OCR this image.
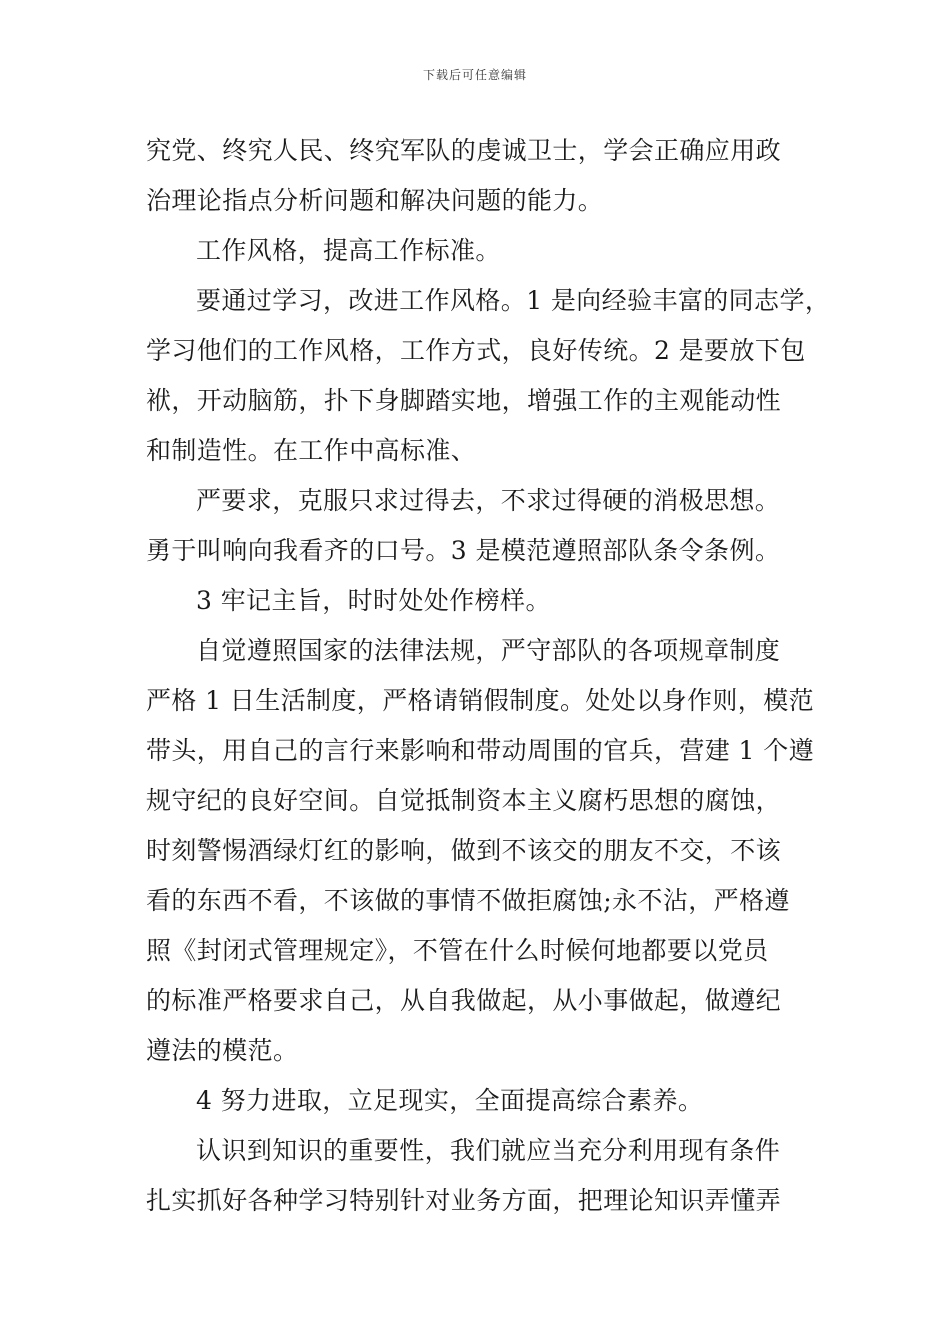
下载后可任意编辑
究党、终究人民、终究军队的虔诚卫士，学会正确应用政
治理论指点分析问题和解决问题的能力。
工作风格，提高工作标准。
要通过学习，改进工作风格。1 是向经验丰富的同志学，
学习他们的工作风格，工作方式，良好传统。2 是要放下包
袱，开动脑筋，扑下身脚踏实地，增强工作的主观能动性
和制造性。在工作中高标准、
严要求，克服只求过得去，不求过得硬的消极思想。
勇于叫响向我看齐的口号。3 是模范遵照部队条令条例。
3 牢记主旨，时时处处作榜样。
自觉遵照国家的法律法规，严守部队的各项规章制度
严格 1 日生活制度，严格请销假制度。处处以身作则，模范
带头，用自己的言行来影响和带动周围的官兵，营建 1 个遵
规守纪的良好空间。自觉抵制资本主义腐朽思想的腐蚀，
时刻警惕酒绿灯红的影响，做到不该交的朋友不交，不该
看的东西不看，不该做的事情不做拒腐蚀;永不沾，严格遵
照《封闭式管理规定》，不管在什么时候何地都要以党员
的标准严格要求自己，从自我做起，从小事做起，做遵纪
遵法的模范。
4 努力进取，立足现实，全面提高综合素养。
认识到知识的重要性，我们就应当充分利用现有条件
扎实抓好各种学习特别针对业务方面，把理论知识弄懂弄
